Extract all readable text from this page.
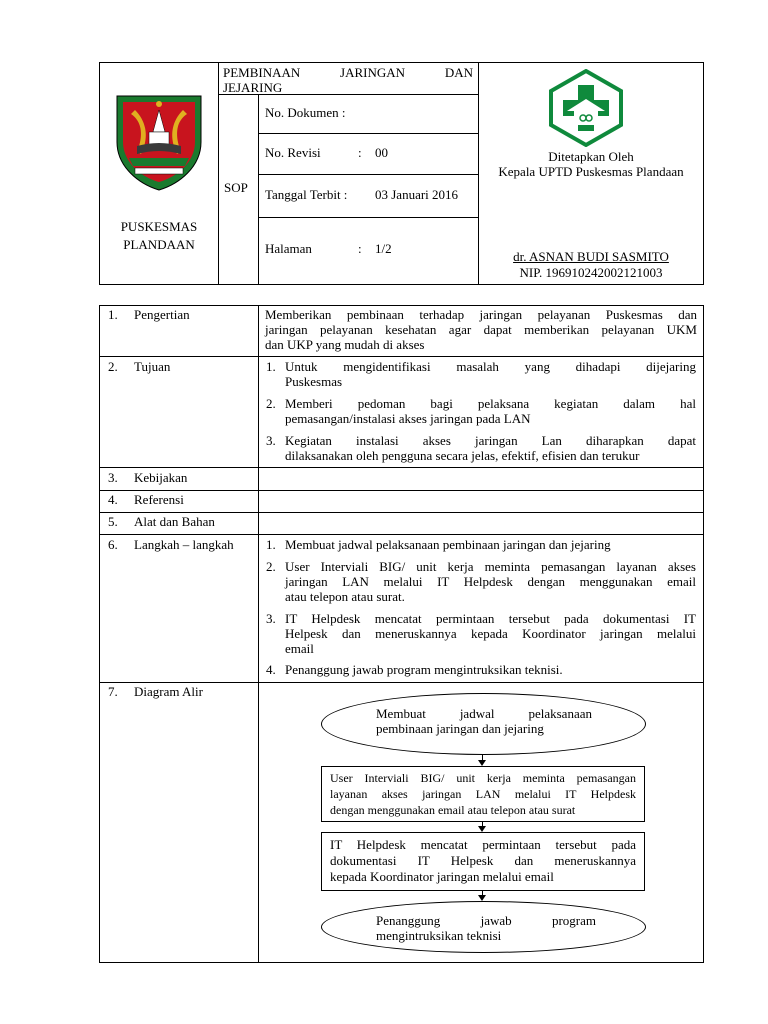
PUSKESMAS
PLANDAAN
PEMBINAAN JARINGAN DAN
JEJARING
SOP
No. Dokumen :
No. Revisi	: 00
Tanggal Terbit : 03 Januari 2016
Halaman	: 1/2
Ditetapkan Oleh
Kepala UPTD Puskesmas Plandaan
dr. ASNAN BUDI SASMITO
NIP. 196910242002121003
1. Pengertian	Memberikan pembinaan terhadap jaringan pelayanan Puskesmas dan
jaringan pelayanan kesehatan agar dapat memberikan pelayanan UKM
dan UKP yang mudah di akses
2. Tujuan	1. Untuk mengidentifikasi masalah yang dihadapi dijejaring
Puskesmas
2. Memberi pedoman bagi pelaksana kegiatan dalam hal
pemasangan/instalasi akses jaringan pada LAN
3. Kegiatan instalasi akses jaringan Lan diharapkan dapat
dilaksanakan oleh pengguna secara jelas, efektif, efisien dan terukur
3. Kebijakan
4. Referensi
5. Alat dan Bahan
6. Langkah – langkah 1. Membuat jadwal pelaksanaan pembinaan jaringan dan jejaring
2. User Interviali BIG/ unit kerja meminta pemasangan layanan akses
jaringan LAN melalui IT Helpdesk dengan menggunakan email
atau telepon atau surat.
3. IT Helpdesk mencatat permintaan tersebut pada dokumentasi IT
Helpesk dan meneruskannya kepada Koordinator jaringan melalui
email
4. Penanggung jawab program mengintruksikan teknisi.
7. Diagram Alir
Membuat jadwal pelaksanaan
pembinaan jaringan dan jejaring
User Interviali BIG/ unit kerja meminta pemasangan
layanan akses jaringan LAN melalui IT Helpdesk
dengan menggunakan email atau telepon atau surat
IT Helpdesk mencatat permintaan tersebut pada
dokumentasi IT Helpesk dan meneruskannya
kepada Koordinator jaringan melalui email
Penanggung jawab program
mengintruksikan teknisi
